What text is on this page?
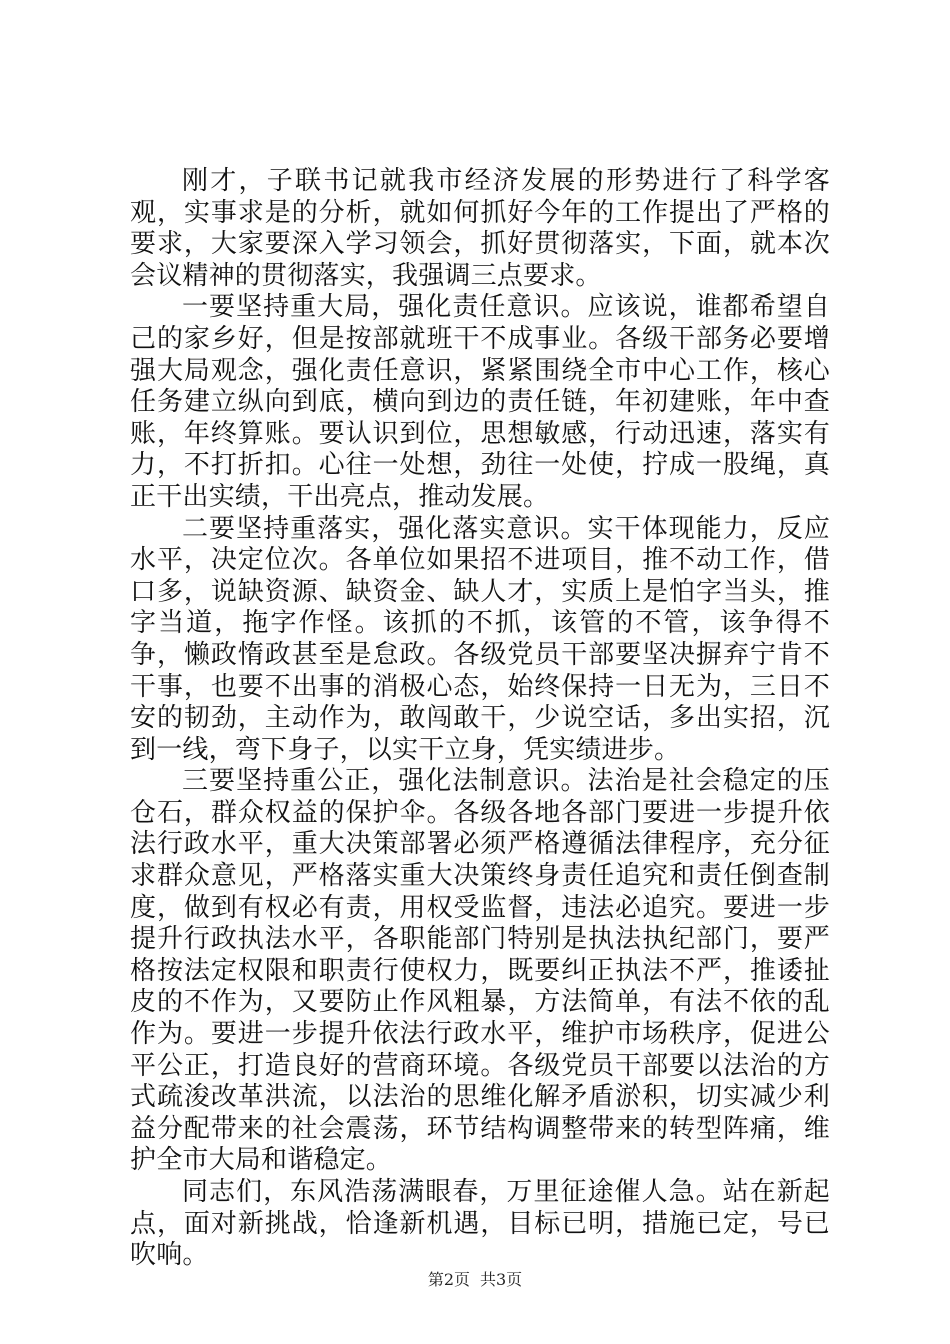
刚才，子联书记就我市经济发展的形势进行了科学客观，实事求是的分析，就如何抓好今年的工作提出了严格的要求，大家要深入学习领会，抓好贯彻落实，下面，就本次会议精神的贯彻落实，我强调三点要求。

一要坚持重大局，强化责任意识。应该说，谁都希望自己的家乡好，但是按部就班干不成事业。各级干部务必要增强大局观念，强化责任意识，紧紧围绕全市中心工作，核心任务建立纵向到底，横向到边的责任链，年初建账，年中查账，年终算账。要认识到位，思想敏感，行动迅速，落实有力，不打折扣。心往一处想，劲往一处使，拧成一股绳，真正干出实绩，干出亮点，推动发展。

二要坚持重落实，强化落实意识。实干体现能力，反应水平，决定位次。各单位如果招不进项目，推不动工作，借口多，说缺资源、缺资金、缺人才，实质上是怕字当头，推字当道，拖字作怪。该抓的不抓，该管的不管，该争得不争，懒政惰政甚至是怠政。各级党员干部要坚决摒弃宁肯不干事，也要不出事的消极心态，始终保持一日无为，三日不安的韧劲，主动作为，敢闯敢干，少说空话，多出实招，沉到一线，弯下身子，以实干立身，凭实绩进步。

三要坚持重公正，强化法制意识。法治是社会稳定的压仓石，群众权益的保护伞。各级各地各部门要进一步提升依法行政水平，重大决策部署必须严格遵循法律程序，充分征求群众意见，严格落实重大决策终身责任追究和责任倒查制度，做到有权必有责，用权受监督，违法必追究。要进一步提升行政执法水平，各职能部门特别是执法执纪部门，要严格按法定权限和职责行使权力，既要纠正执法不严，推诿扯皮的不作为，又要防止作风粗暴，方法简单，有法不依的乱作为。要进一步提升依法行政水平，维护市场秩序，促进公平公正，打造良好的营商环境。各级党员干部要以法治的方式疏浚改革洪流，以法治的思维化解矛盾淤积，切实减少利益分配带来的社会震荡，环节结构调整带来的转型阵痛，维护全市大局和谐稳定。

同志们，东风浩荡满眼春，万里征途催人急。站在新起点，面对新挑战，恰逢新机遇，目标已明，措施已定，号已吹响。

第2页 共3页
